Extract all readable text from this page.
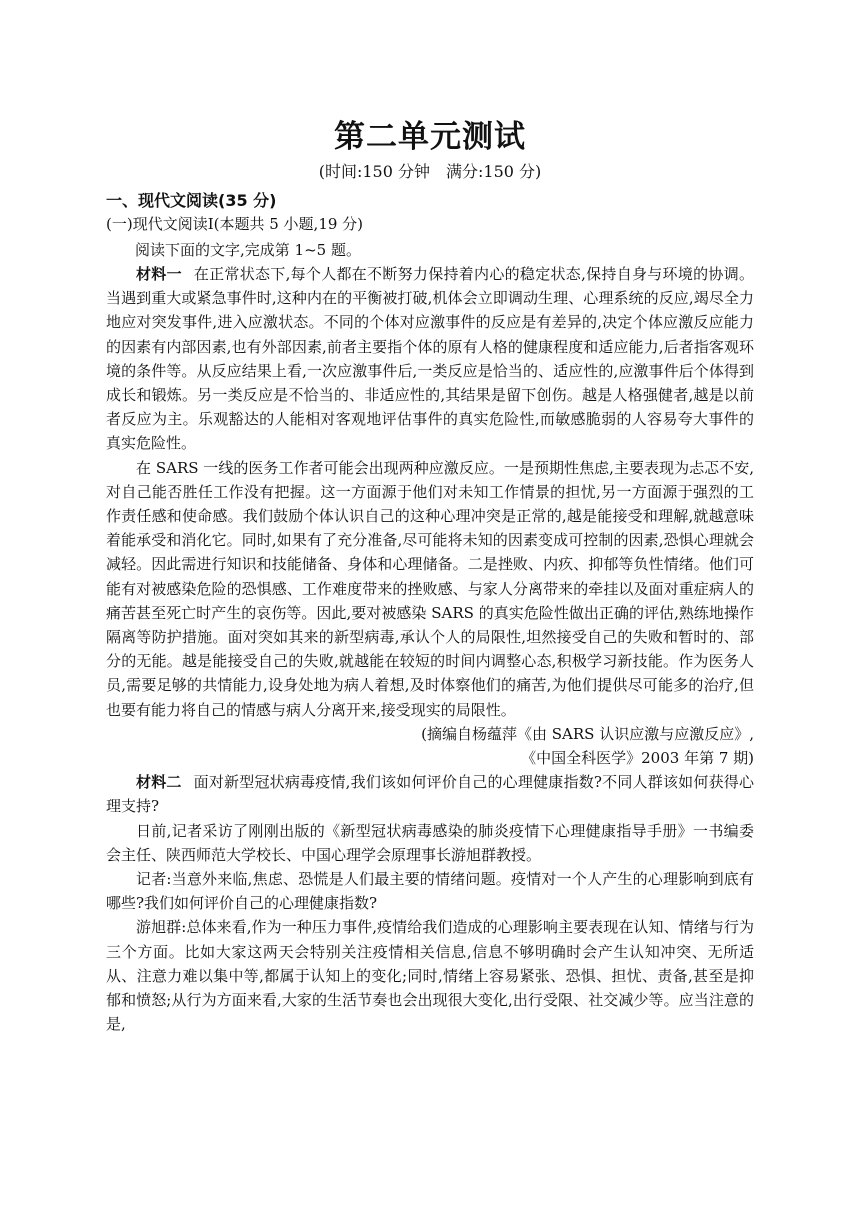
第二单元测试
(时间:150 分钟　满分:150 分)
一、现代文阅读(35 分)
(一)现代文阅读Ⅰ(本题共 5 小题,19 分)
阅读下面的文字,完成第 1~5 题。

材料一 在正常状态下,每个人都在不断努力保持着内心的稳定状态,保持自身与环境的协调。当遇到重大或紧急事件时,这种内在的平衡被打破,机体会立即调动生理、心理系统的反应,竭尽全力地应对突发事件,进入应激状态。不同的个体对应激事件的反应是有差异的,决定个体应激反应能力的因素有内部因素,也有外部因素,前者主要指个体的原有人格的健康程度和适应能力,后者指客观环境的条件等。从反应结果上看,一次应激事件后,一类反应是恰当的、适应性的,应激事件后个体得到成长和锻炼。另一类反应是不恰当的、非适应性的,其结果是留下创伤。越是人格强健者,越是以前者反应为主。乐观豁达的人能相对客观地评估事件的真实危险性,而敏感脆弱的人容易夸大事件的真实危险性。

在 SARS 一线的医务工作者可能会出现两种应激反应。一是预期性焦虑,主要表现为忐忑不安,对自己能否胜任工作没有把握。这一方面源于他们对未知工作情景的担忧,另一方面源于强烈的工作责任感和使命感。我们鼓励个体认识自己的这种心理冲突是正常的,越是能接受和理解,就越意味着能承受和消化它。同时,如果有了充分准备,尽可能将未知的因素变成可控制的因素,恐惧心理就会减轻。因此需进行知识和技能储备、身体和心理储备。二是挫败、内疚、抑郁等负性情绪。他们可能有对被感染危险的恐惧感、工作难度带来的挫败感、与家人分离带来的牵挂以及面对重症病人的痛苦甚至死亡时产生的哀伤等。因此,要对被感染 SARS 的真实危险性做出正确的评估,熟练地操作隔离等防护措施。面对突如其来的新型病毒,承认个人的局限性,坦然接受自己的失败和暂时的、部分的无能。越是能接受自己的失败,就越能在较短的时间内调整心态,积极学习新技能。作为医务人员,需要足够的共情能力,设身处地为病人着想,及时体察他们的痛苦,为他们提供尽可能多的治疗,但也要有能力将自己的情感与病人分离开来,接受现实的局限性。

(摘编自杨蕴萍《由 SARS 认识应激与应激反应》,

《中国全科医学》2003 年第 7 期)

材料二 面对新型冠状病毒疫情,我们该如何评价自己的心理健康指数?不同人群该如何获得心理支持?

日前,记者采访了刚刚出版的《新型冠状病毒感染的肺炎疫情下心理健康指导手册》一书编委会主任、陕西师范大学校长、中国心理学会原理事长游旭群教授。

记者:当意外来临,焦虑、恐慌是人们最主要的情绪问题。疫情对一个人产生的心理影响到底有哪些?我们如何评价自己的心理健康指数?

游旭群:总体来看,作为一种压力事件,疫情给我们造成的心理影响主要表现在认知、情绪与行为三个方面。比如大家这两天会特别关注疫情相关信息,信息不够明确时会产生认知冲突、无所适从、注意力难以集中等,都属于认知上的变化;同时,情绪上容易紧张、恐惧、担忧、责备,甚至是抑郁和愤怒;从行为方面来看,大家的生活节奏也会出现很大变化,出行受限、社交减少等。应当注意的是,
